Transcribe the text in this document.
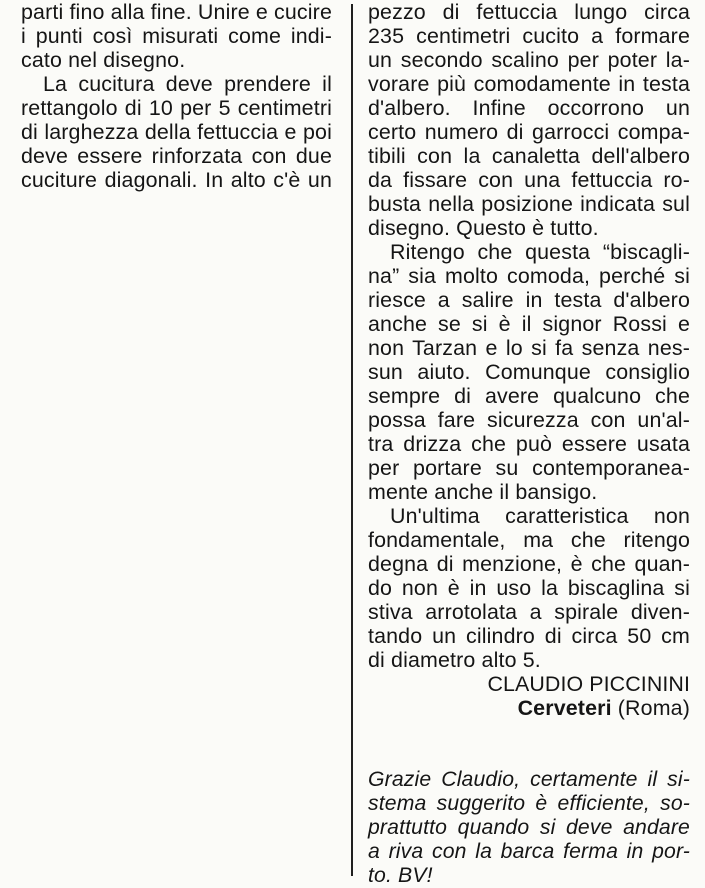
parti fino alla fine. Unire e cucire
i punti così misurati come indi-
cato nel disegno.
La cucitura deve prendere il
rettangolo di 10 per 5 centimetri
di larghezza della fettuccia e poi
deve essere rinforzata con due
cuciture diagonali. In alto c'è un
pezzo di fettuccia lungo circa
235 centimetri cucito a formare
un secondo scalino per poter la-
vorare più comodamente in testa
d'albero. Infine occorrono un
certo numero di garrocci compa-
tibili con la canaletta dell'albero
da fissare con una fettuccia ro-
busta nella posizione indicata sul
disegno. Questo è tutto.
Ritengo che questa “biscagli-
na” sia molto comoda, perché si
riesce a salire in testa d'albero
anche se si è il signor Rossi e
non Tarzan e lo si fa senza nes-
sun aiuto. Comunque consiglio
sempre di avere qualcuno che
possa fare sicurezza con un'al-
tra drizza che può essere usata
per portare su contemporanea-
mente anche il bansigo.
Un'ultima caratteristica non
fondamentale, ma che ritengo
degna di menzione, è che quan-
do non è in uso la biscaglina si
stiva arrotolata a spirale diven-
tando un cilindro di circa 50 cm
di diametro alto 5.
CLAUDIO PICCININI
Cerveteri (Roma)
Grazie Claudio, certamente il si-
stema suggerito è efficiente, so-
prattutto quando si deve andare
a riva con la barca ferma in por-
to. BV!
